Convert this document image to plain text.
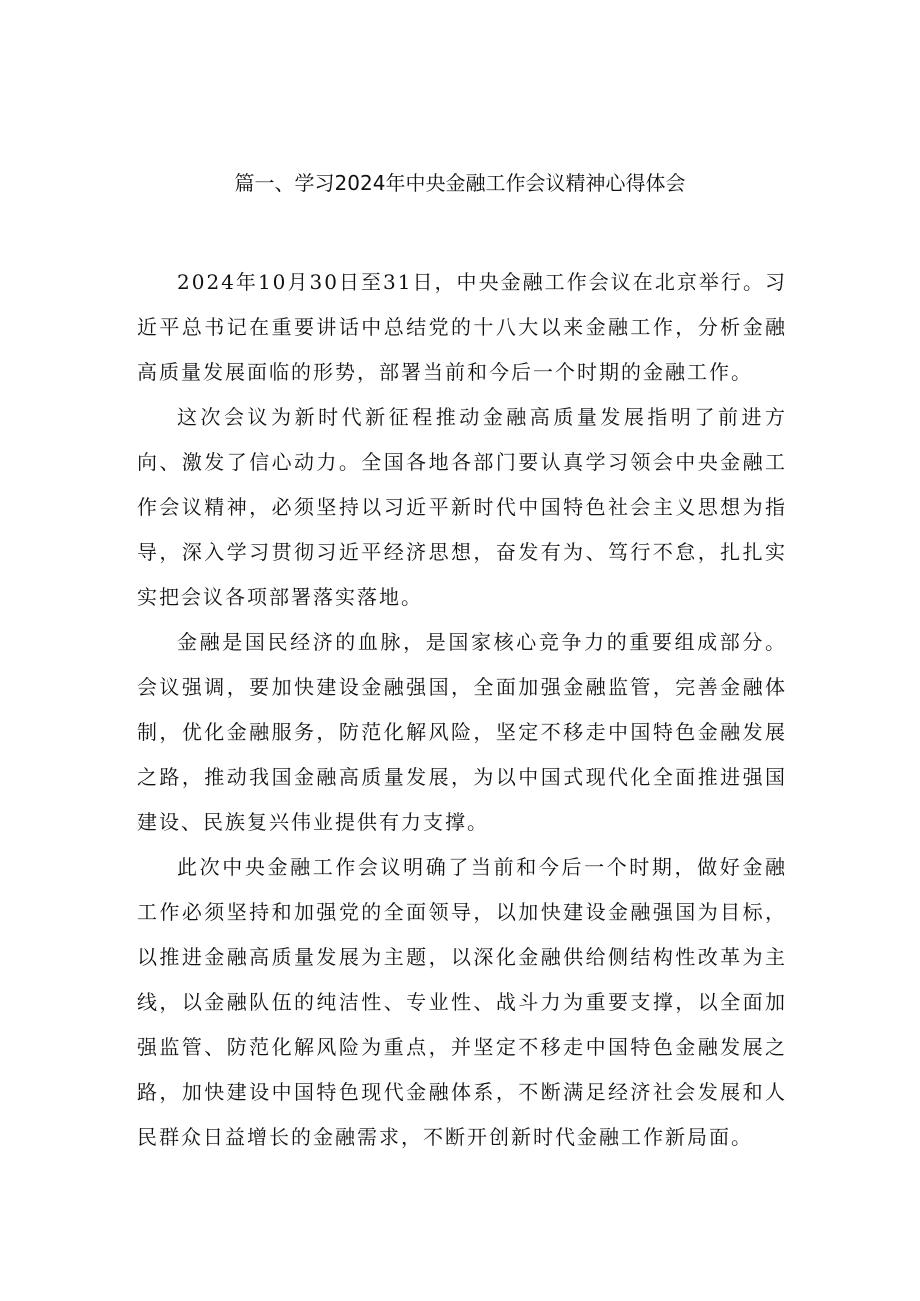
篇一、学习2024年中央金融工作会议精神心得体会

2024年10月30日至31日，中央金融工作会议在北京举行。习近平总书记在重要讲话中总结党的十八大以来金融工作，分析金融高质量发展面临的形势，部署当前和今后一个时期的金融工作。

这次会议为新时代新征程推动金融高质量发展指明了前进方向、激发了信心动力。全国各地各部门要认真学习领会中央金融工作会议精神，必须坚持以习近平新时代中国特色社会主义思想为指导，深入学习贯彻习近平经济思想，奋发有为、笃行不怠，扎扎实实把会议各项部署落实落地。

金融是国民经济的血脉，是国家核心竞争力的重要组成部分。会议强调，要加快建设金融强国，全面加强金融监管，完善金融体制，优化金融服务，防范化解风险，坚定不移走中国特色金融发展之路，推动我国金融高质量发展，为以中国式现代化全面推进强国建设、民族复兴伟业提供有力支撑。

此次中央金融工作会议明确了当前和今后一个时期，做好金融工作必须坚持和加强党的全面领导，以加快建设金融强国为目标，以推进金融高质量发展为主题，以深化金融供给侧结构性改革为主线，以金融队伍的纯洁性、专业性、战斗力为重要支撑，以全面加强监管、防范化解风险为重点，并坚定不移走中国特色金融发展之路，加快建设中国特色现代金融体系，不断满足经济社会发展和人民群众日益增长的金融需求，不断开创新时代金融工作新局面。
